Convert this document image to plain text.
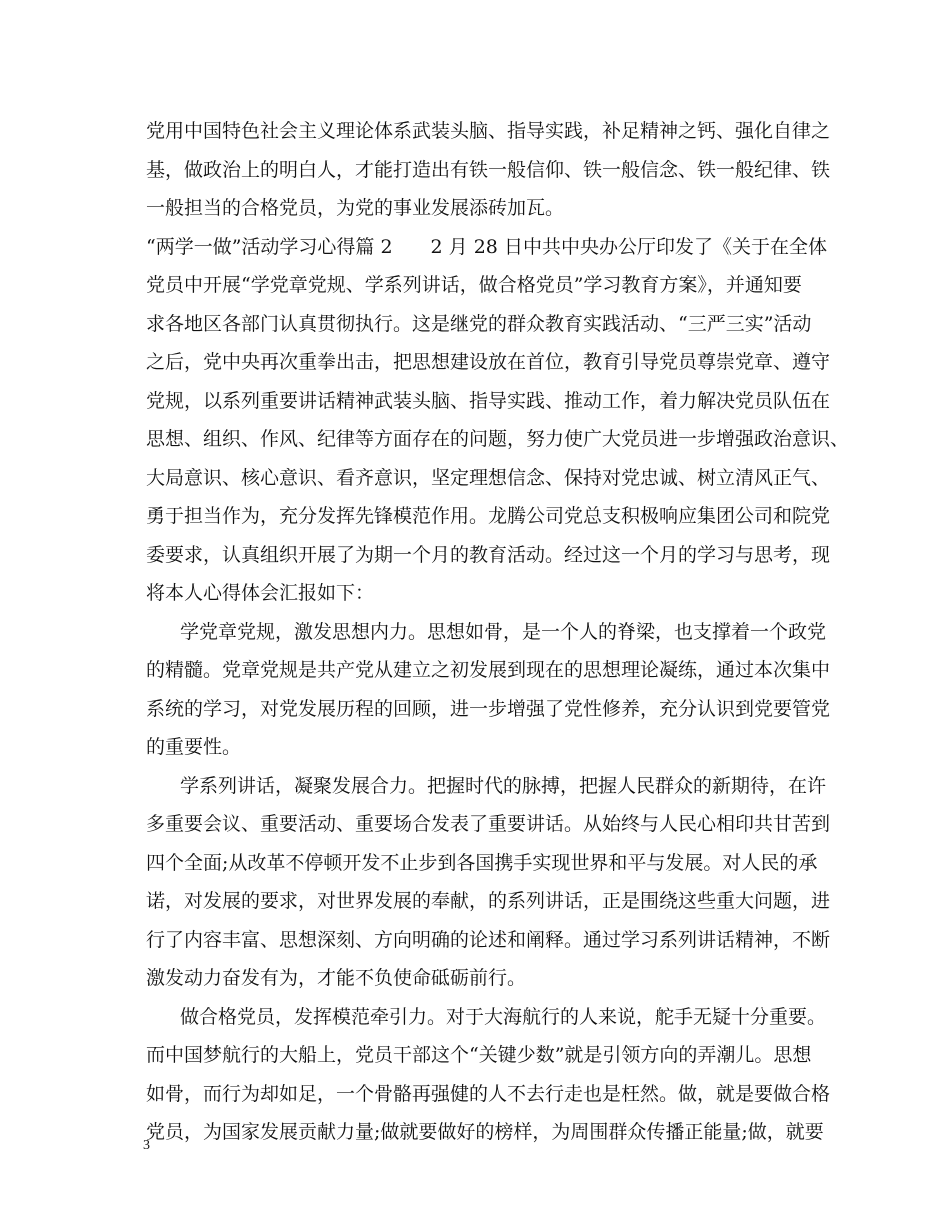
党用中国特色社会主义理论体系武装头脑、指导实践，补足精神之钙、强化自律之
基，做政治上的明白人，才能打造出有铁一般信仰、铁一般信念、铁一般纪律、铁
一般担当的合格党员，为党的事业发展添砖加瓦。
“两学一做”活动学习心得篇 2　　2 月 28 日中共中央办公厅印发了《关于在全体
党员中开展“学党章党规、学系列讲话，做合格党员”学习教育方案》，并通知要
求各地区各部门认真贯彻执行。这是继党的群众教育实践活动、“三严三实”活动
之后，党中央再次重拳出击，把思想建设放在首位，教育引导党员尊崇党章、遵守
党规，以系列重要讲话精神武装头脑、指导实践、推动工作，着力解决党员队伍在
思想、组织、作风、纪律等方面存在的问题，努力使广大党员进一步增强政治意识、
大局意识、核心意识、看齐意识，坚定理想信念、保持对党忠诚、树立清风正气、
勇于担当作为，充分发挥先锋模范作用。龙腾公司党总支积极响应集团公司和院党
委要求，认真组织开展了为期一个月的教育活动。经过这一个月的学习与思考，现
将本人心得体会汇报如下：
学党章党规，激发思想内力。思想如骨，是一个人的脊梁，也支撑着一个政党
的精髓。党章党规是共产党从建立之初发展到现在的思想理论凝练，通过本次集中
系统的学习，对党发展历程的回顾，进一步增强了党性修养，充分认识到党要管党
的重要性。
学系列讲话，凝聚发展合力。把握时代的脉搏，把握人民群众的新期待，在许
多重要会议、重要活动、重要场合发表了重要讲话。从始终与人民心相印共甘苦到
四个全面;从改革不停顿开发不止步到各国携手实现世界和平与发展。对人民的承
诺，对发展的要求，对世界发展的奉献，的系列讲话，正是围绕这些重大问题，进
行了内容丰富、思想深刻、方向明确的论述和阐释。通过学习系列讲话精神，不断
激发动力奋发有为，才能不负使命砥砺前行。
做合格党员，发挥模范牵引力。对于大海航行的人来说，舵手无疑十分重要。
而中国梦航行的大船上，党员干部这个“关键少数”就是引领方向的弄潮儿。思想
如骨，而行为却如足，一个骨骼再强健的人不去行走也是枉然。做，就是要做合格
党员，为国家发展贡献力量;做就要做好的榜样，为周围群众传播正能量;做，就要
3
